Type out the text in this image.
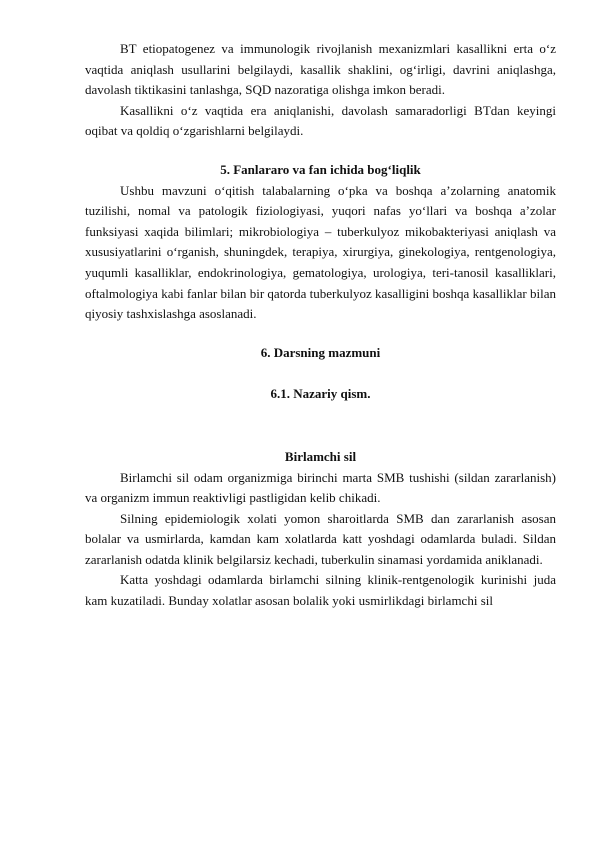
BT etiopatogenez va immunologik rivojlanish mexanizmlari kasallikni erta o‘z vaqtida aniqlash usullarini belgilaydi, kasallik shaklini, og‘irligi, davrini aniqlashga, davolash tiktikasini tanlashga, SQD nazoratiga olishga imkon beradi.

Kasallikni o‘z vaqtida era aniqlanishi, davolash samaradorligi BTdan keyingi oqibat va qoldiq o‘zgarishlarni belgilaydi.

5. Fanlararo va fan ichida bog‘liqlik

Ushbu mavzuni o‘qitish talabalarning o‘pka va boshqa a’zolarning anatomik tuzilishi, nomal va patologik fiziologiyasi, yuqori nafas yo‘llari va boshqa a’zolar funksiyasi xaqida bilimlari; mikrobiologiya – tuberkulyoz mikobakteriyasi aniqlash va xususiyatlarini o‘rganish, shuningdek, terapiya, xirurgiya, ginekologiya, rentgenologiya, yuqumli kasalliklar, endokrinologiya, gematologiya, urologiya, teri-tanosil kasalliklari, oftalmologiya kabi fanlar bilan bir qatorda tuberkulyoz kasalligini boshqa kasalliklar bilan qiyosiy tashxislashga asoslanadi.

6. Darsning mazmuni

6.1. Nazariy qism.

Birlamchi sil

Birlamchi sil odam organizmiga birinchi marta SMB tushishi (sildan zararlanish) va organizm immun reaktivligi pastligidan kelib chikadi.

Silning epidemiologik xolati yomon sharoitlarda SMB dan zararlanish asosan bolalar va usmirlarda, kamdan kam xolatlarda katt yoshdagi odamlarda buladi. Sildan zararlanish odatda klinik belgilarsiz kechadi, tuberkulin sinamasi yordamida aniklanadi.

Katta yoshdagi odamlarda birlamchi silning klinik-rentgenologik kurinishi juda kam kuzatiladi. Bunday xolatlar asosan bolalik yoki usmirlikdagi birlamchi sil
